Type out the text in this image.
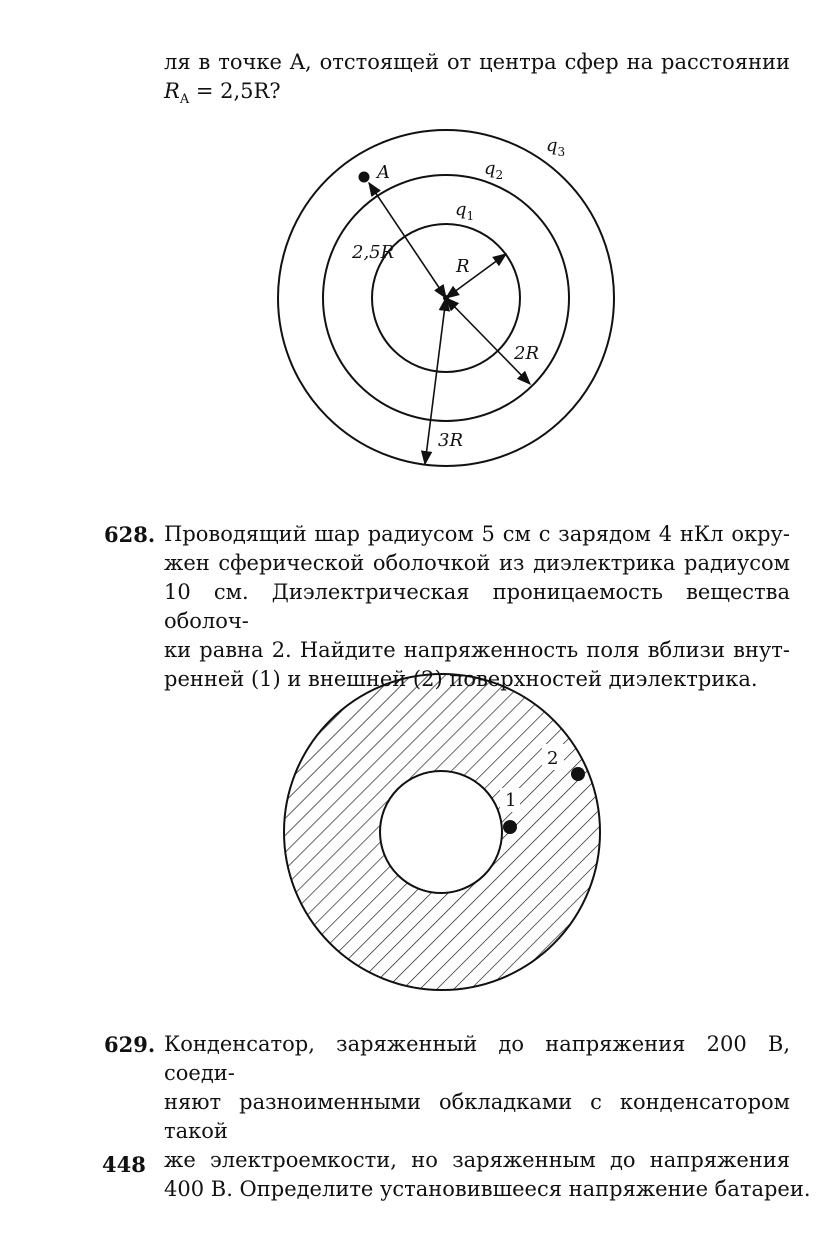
ля в точке A, отстоящей от центра сфер на расстоянии
$R_A = 2,5R$?
$q_3$
$q_2$
$q_1$
A
2,5R
R
2R
3R
1
2
628. Проводящий шар радиусом 5 см с зарядом 4 нКл окру-
жен сферической оболочкой из диэлектрика радиусом
10 см. Диэлектрическая проницаемость вещества оболоч-
ки равна 2. Найдите напряженность поля вблизи внут-
ренней (1) и внешней (2) поверхностей диэлектрика.
629. Конденсатор, заряженный до напряжения 200 В, соеди-
няют разноименными обкладками с конденсатором такой
же электроемкости, но заряженным до напряжения
400 В. Определите установившееся напряжение батареи.
448
